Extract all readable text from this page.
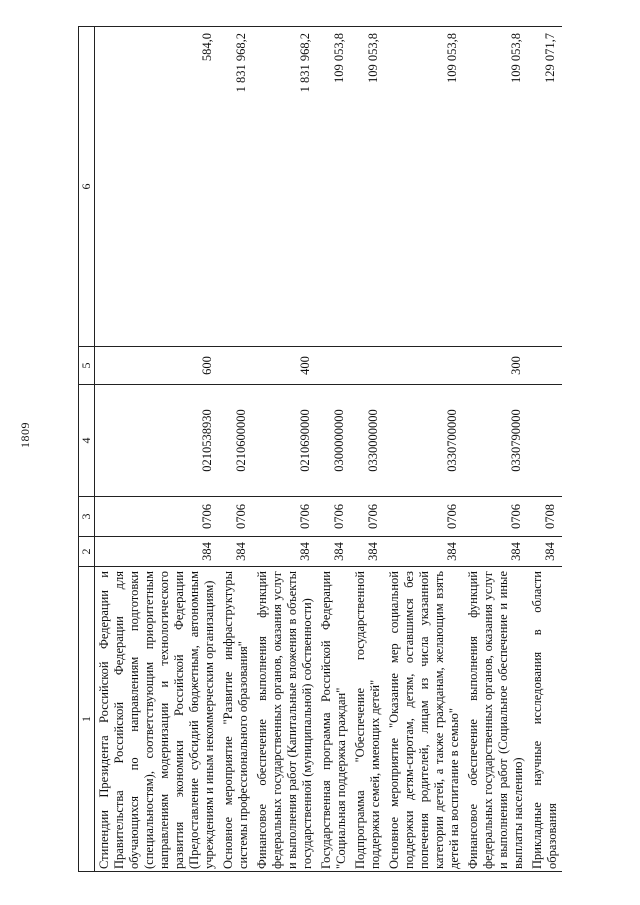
1809
1	2	3	4	5	6
Стипендии Президента Российской Федерации и Правительства Российской Федерации для обучающихся по направлениям подготовки (специальностям), соответствующим приоритетным направлениям модернизации и технологического развития экономики Российской Федерации (Предоставление субсидий бюджетным, автономным учреждениям и иным некоммерческим организациям)	384	0706	0210538930	600	584,0
Основное мероприятие "Развитие инфраструктуры системы профессионального образования"	384	0706	0210600000		1 831 968,2
Финансовое обеспечение выполнения функций федеральных государственных органов, оказания услуг и выполнения работ (Капитальные вложения в объекты государственной (муниципальной) собственности)	384	0706	0210690000	400	1 831 968,2
Государственная программа Российской Федерации "Социальная поддержка граждан"	384	0706	0300000000		109 053,8
Подпрограмма "Обеспечение государственной поддержки семей, имеющих детей"	384	0706	0330000000		109 053,8
Основное мероприятие "Оказание мер социальной поддержки детям-сиротам, детям, оставшимся без попечения родителей, лицам из числа указанной категории детей, а также гражданам, желающим взять детей на воспитание в семью"	384	0706	0330700000		109 053,8
Финансовое обеспечение выполнения функций федеральных государственных органов, оказания услуг и выполнения работ (Социальное обеспечение и иные выплаты населению)	384	0706	0330790000	300	109 053,8
Прикладные научные исследования в области образования	384	0708			129 071,7
